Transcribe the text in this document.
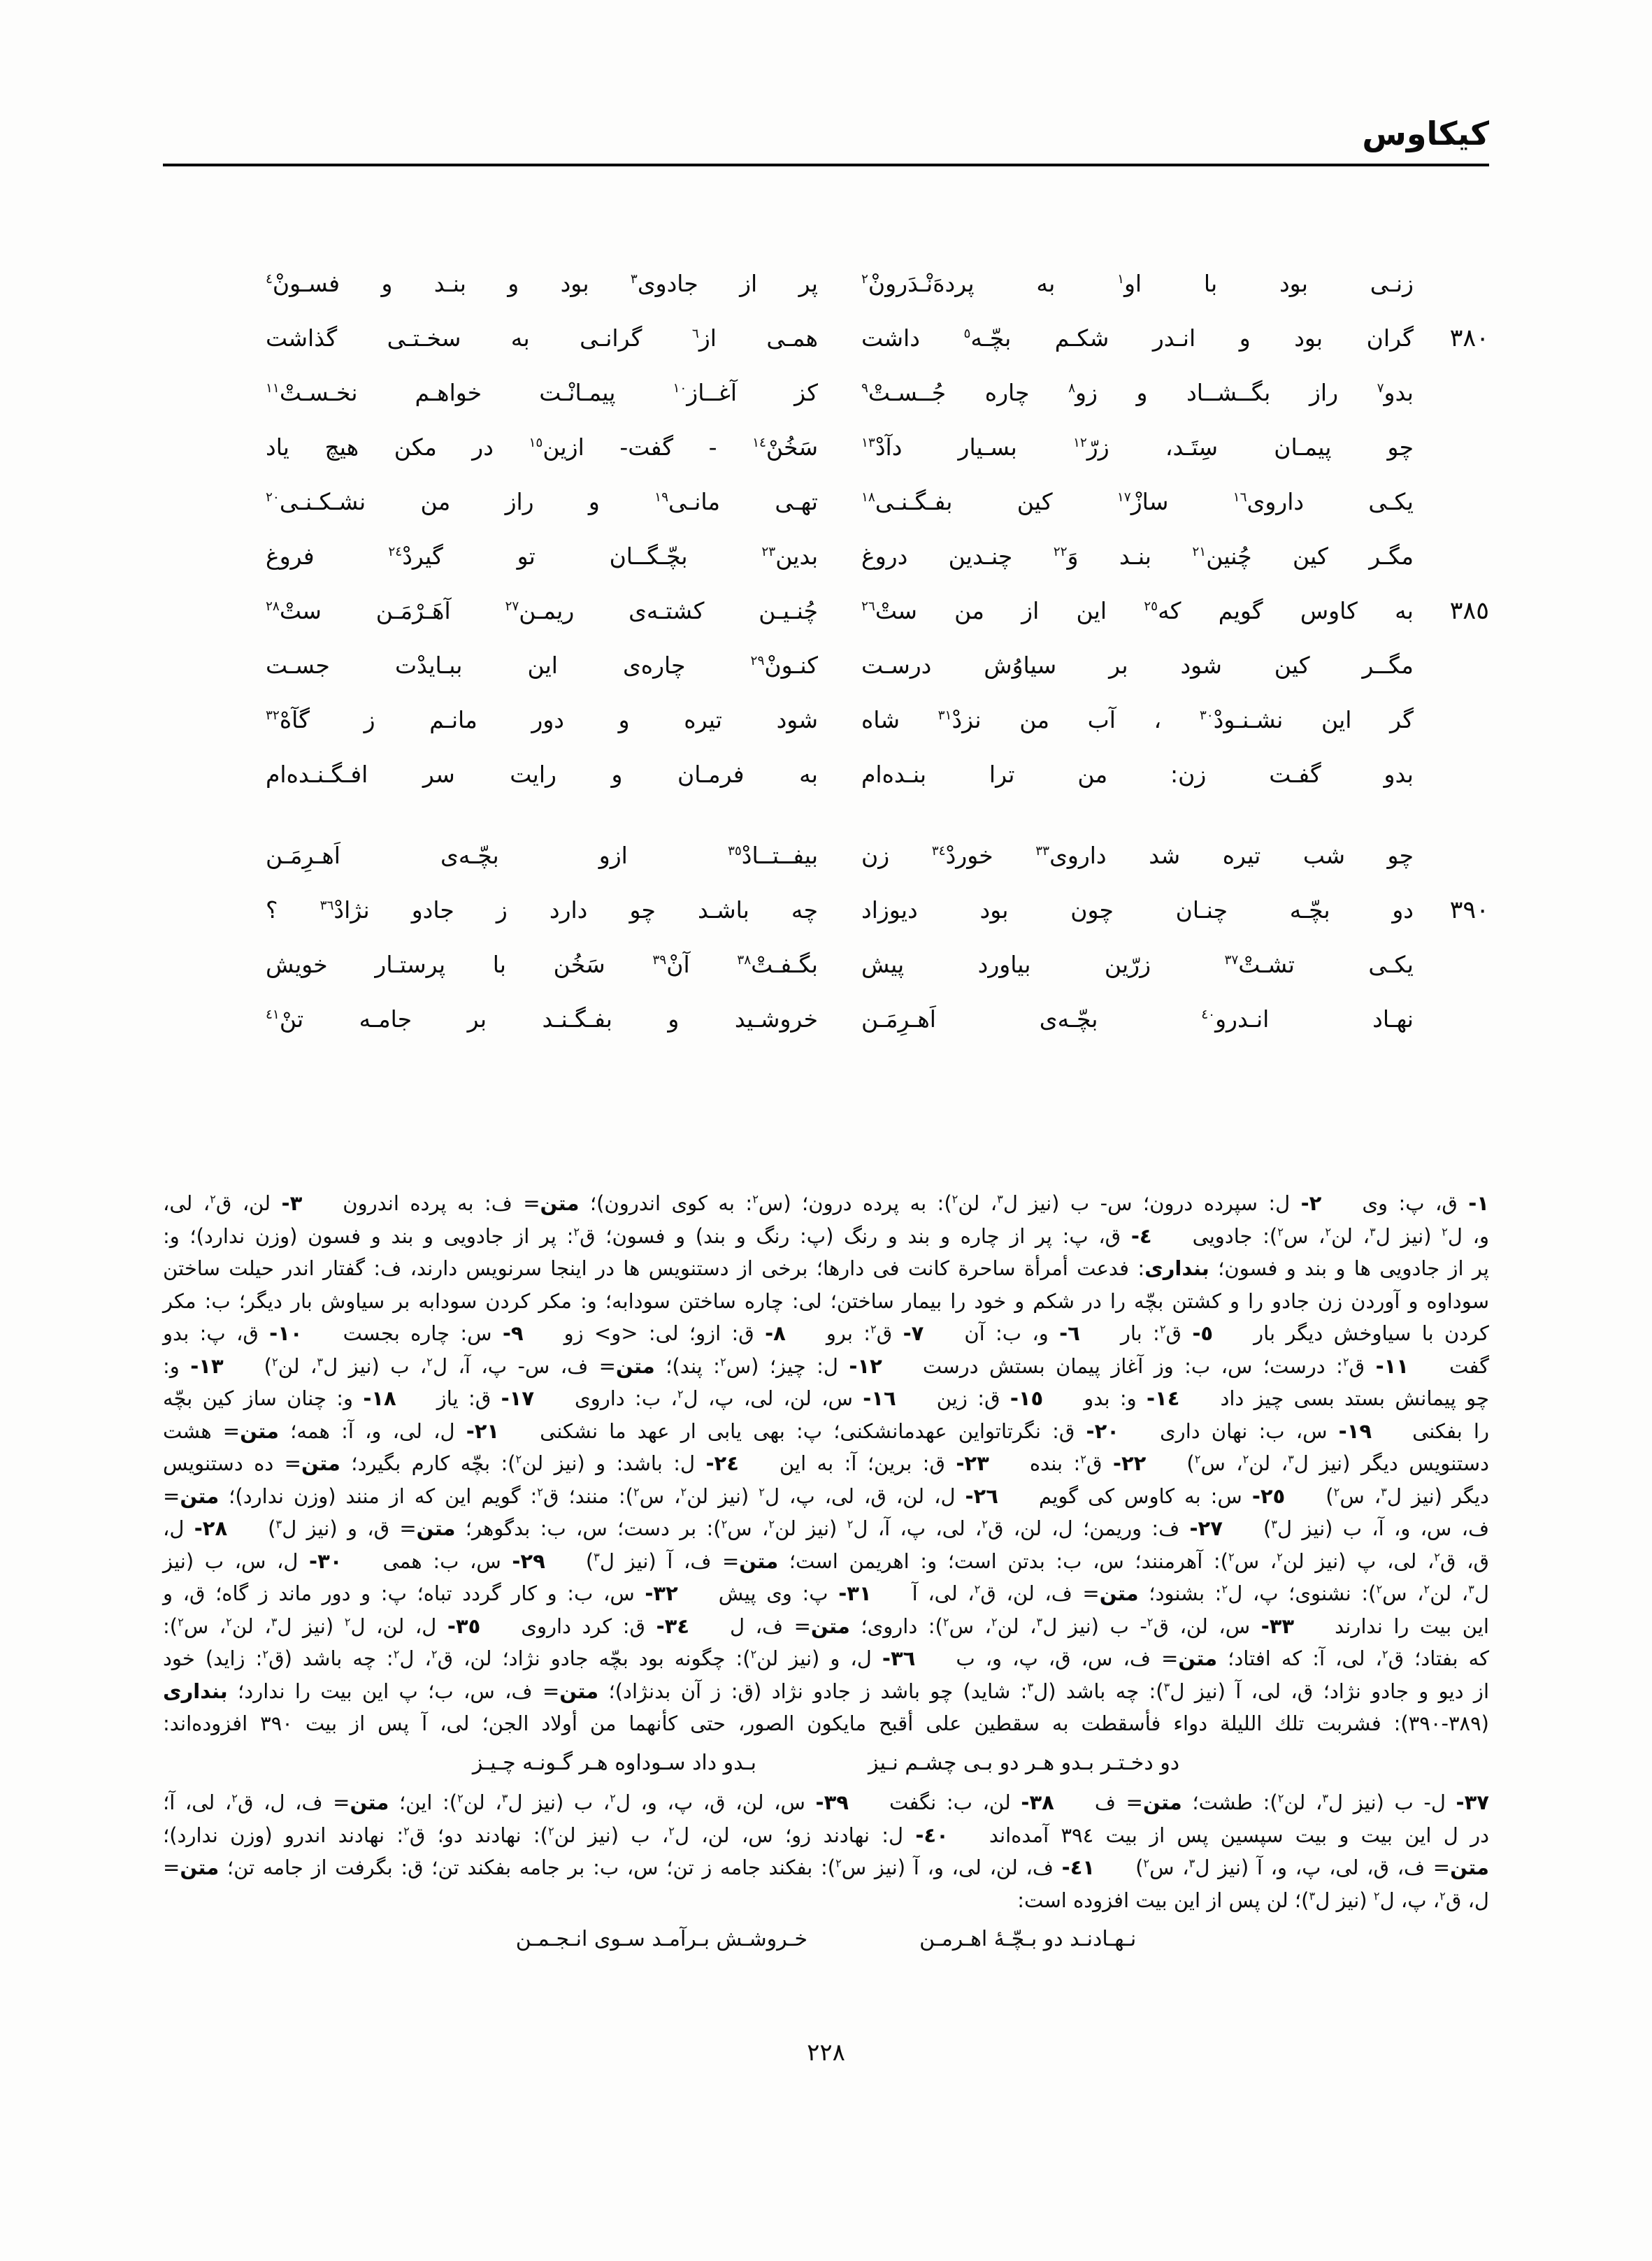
کیکاوس
زنـی بود با او$^١$ به پردهَ‌نْـدَرونْ$^٢$
پر از جادوی$^٣$ بود و بنـد و فسـونْ$^٤$
٣٨٠
گران بود و انـدر شکـم بچّـه$^٥$ داشت
همـی از$^٦$ گرانـی به سخـتـی گذاشت
بدو$^٧$ راز بگــشــاد و زو$^٨$ چاره جُــسـتْ$^٩$
کز آغــاز$^{١٠}$ پیمـانْـت خواهـم نخـسـتْ$^{١١}$
چو پیمـان سِتَـد، زرّ$^{١٢}$ بسـیار دآدْ$^{١٣}$
سَخُنْ$^{١٤}$ - گفت- ازین$^{١٥}$ در مکن هیچ یاد
یکـی داروی$^{١٦}$ سازْ$^{١٧}$ کین بفـگـنـی$^{١٨}$
تهـی مانـی$^{١٩}$ و راز من نشـکـنـی$^{٢٠}$
مگـر کین چُنین$^{٢١}$ بنـد وَ$^{٢٢}$ چنـدین دروغ
بدین$^{٢٣}$ بچّـگــان تو گیردْ$^{٢٤}$ فروغ
٣٨٥
به کاوس گویم که$^{٢٥}$ این از من ستْ$^{٢٦}$
چُنـیـن کشتـه‌ی ریمـن$^{٢٧}$ آهَـرْمَـن ستْ$^{٢٨}$
مگــر کین شود بر سیاوُش درسـت
کنـونْ$^{٢٩}$ چاره‌ی این ببـایدْت جسـت
گر این نشـنـودْ$^{٣٠}$ ، آب من نزدْ$^{٣١}$ شاه
شود تیره و دور مانـم ز گآهْ$^{٣٢}$
بدو گفـت زن: من ترا بنـده‌ام
به فرمـان و رایت سر افـگـنـده‌ام
چو شب تیره شد داروی$^{٣٣}$ خوردْ$^{٣٤}$ زن
بیفــتــادْ$^{٣٥}$ ازو بچّـه‌ی اَهـرِمَـن
٣٩٠
دو بچّـه چنـان چون بود دیوزاد
چه باشـد چو دارد ز جادو نژادْ$^{٣٦}$ ؟
یکـی تشـتْ$^{٣٧}$ زرّین بیاورد پیش
بگـفـتْ$^{٣٨}$ آنْ$^{٣٩}$ سَخُن با پرستـار خویش
نهـاد انـدرو$^{٤٠}$ بچّـه‌ی اَهـرِمَـن
خروشـید و بفـگـنـد بر جامـه تنْ$^{٤١}$
١- ق، پ: وی  ٢- ل: سپرده درون؛ س- ب (نیز ل$^٣$، لن$^٢$): به پرده درون؛ (س$^٢$: به کوی اندرون)؛ متن= ف: به پرده اندرون  ٣- لن، ق$^٢$، لی،
و، ل$^٢$ (نیز ل$^٣$، لن$^٢$، س$^٢$): جادویی  ٤- ق، پ: پر از چاره و بند و رنگ (پ: رنگ و بند) و فسون؛ ق$^٢$: پر از جادویی و بند و فسون (وزن ندارد)؛ و:
پر از جادویی ها و بند و فسون؛ بنداری: فدعت أمرأة ساحرة کانت فی دارها؛ برخی از دستنویس ها در اینجا سرنویس دارند، ف: گفتار اندر حیلت ساختن
سوداوه و آوردن زن جادو را و کشتن بچّه را در شکم و خود را بیمار ساختن؛ لی: چاره ساختن سودابه؛ و: مکر کردن سودابه بر سیاوش بار دیگر؛ ب: مکر
کردن با سیاوخش دیگر بار  ٥- ق$^٢$: بار  ٦- و، ب: آن  ٧- ق$^٢$: برو  ٨- ق: ازو؛ لی: <و> زو  ٩- س: چاره بجست  ١٠- ق، پ: بدو
گفت  ١١- ق$^٢$: درست؛ س، ب: وز آغاز پیمان بستش درست  ١٢- ل: چیز؛ (س$^٢$: پند)؛ متن= ف، س- پ، آ، ل$^٢$، ب (نیز ل$^٣$، لن$^٢$)  ١٣- و:
چو پیمانش بستد بسی چیز داد  ١٤- و: بدو  ١٥- ق: زین  ١٦- س، لن، لی، پ، ل$^٢$، ب: داروی  ١٧- ق: یاز  ١٨- و: چنان ساز کین بچّه
را بفکنی  ١٩- س، ب: نهان داری  ٢٠- ق: نگرتاتواین عهدمانشکنی؛ پ: بهی یابی ار عهد ما نشکنی  ٢١- ل، لی، و، آ: همه؛ متن= هشت
دستنویس دیگر (نیز ل$^٣$، لن$^٢$، س$^٢$)  ٢٢- ق$^٢$: بنده  ٢٣- ق: برین؛ آ: به این  ٢٤- ل: باشد: و (نیز لن$^٢$): بچّه کارم بگیرد؛ متن= ده دستنویس
دیگر (نیز ل$^٣$، س$^٢$)  ٢٥- س: به کاوس کی گویم  ٢٦- ل، لن، ق، لی، پ، ل$^٢$ (نیز لن$^٢$، س$^٢$): منند؛ ق$^٢$: گویم این که از منند (وزن ندارد)؛ متن=
ف، س، و، آ، ب (نیز ل$^٣$)  ٢٧- ف: وریمن؛ ل، لن، ق$^٢$، لی، پ، آ، ل$^٢$ (نیز لن$^٢$، س$^٢$): بر دست؛ س، ب: بدگوهر؛ متن= ق، و (نیز ل$^٣$)  ٢٨- ل،
ق، ق$^٢$، لی، پ (نیز لن$^٢$، س$^٢$): آهرمنند؛ س، ب: بدتن است؛ و: اهریمن است؛ متن= ف، آ (نیز ل$^٣$)  ٢٩- س، ب: همی  ٣٠- ل، س، ب (نیز
ل$^٣$، لن$^٢$، س$^٢$): نشنوی؛ پ، ل$^٢$: بشنود؛ متن= ف، لن، ق$^٢$، لی، آ  ٣١- پ: وی پیش  ٣٢- س، ب: و کار گردد تباه؛ پ: و دور ماند ز گاه؛ ق، و
این بیت را ندارند  ٣٣- س، لن، ق$^٢$- ب (نیز ل$^٣$، لن$^٢$، س$^٢$): داروی؛ متن= ف، ل  ٣٤- ق: کرد داروی  ٣٥- ل، لن، ل$^٢$ (نیز ل$^٣$، لن$^٢$، س$^٢$):
که بفتاد؛ ق$^٢$، لی، آ: که افتاد؛ متن= ف، س، ق، پ، و، ب  ٣٦- ل، و (نیز لن$^٢$): چگونه بود بچّه جادو نژاد؛ لن، ق$^٢$، ل$^٢$: چه باشد (ق$^٢$: زاید) خود
از دیو و جادو نژاد؛ ق، لی، آ (نیز ل$^٣$): چه باشد (ل$^٣$: شاید) چو باشد ز جادو نژاد (ق: ز آن بدنژاد)؛ متن= ف، س، ب؛ پ این بیت را ندارد؛ بنداری
(٣٨٩-٣٩٠): فشربت تلك اللیلة دواء فأسقطت به سقطین علی أقبح مایکون الصور، حتی کأنهما من أولاد الجن؛ لی، آ پس از بیت ٣٩٠ افزوده‌اند:
دو دخـتـر بـدو هـر دو بـی چشـم نـیز
بـدو داد سـوداوه هـر گـونـه چـیـز
٣٧- ل- ب (نیز ل$^٣$، لن$^٢$): طشت؛ متن= ف  ٣٨- لن، ب: نگفت  ٣٩- س، لن، ق، پ، و، ل$^٢$، ب (نیز ل$^٣$، لن$^٢$): این؛ متن= ف، ل، ق$^٢$، لی، آ؛
در ل این بیت و بیت سپسین پس از بیت ٣٩٤ آمده‌اند  ٤٠- ل: نهادند زو؛ س، لن، ل$^٢$، ب (نیز لن$^٢$): نهادند دو؛ ق$^٢$: نهادند اندرو (وزن ندارد)؛
متن= ف، ق، لی، پ، و، آ (نیز ل$^٣$، س$^٢$)  ٤١- ف، لن، لی، و، آ (نیز س$^٢$): بفکند جامه ز تن؛ س، ب: بر جامه بفکند تن؛ ق: بگرفت از جامه تن؛ متن=
ل، ق$^٢$، پ، ل$^٢$ (نیز ل$^٣$)؛ لن پس از این بیت افزوده است:
نـهـادنـد دو بـچّـهٔ اهـرمـن
خـروشـش بـرآمـد سـوی انـجـمـن
٢٢٨
